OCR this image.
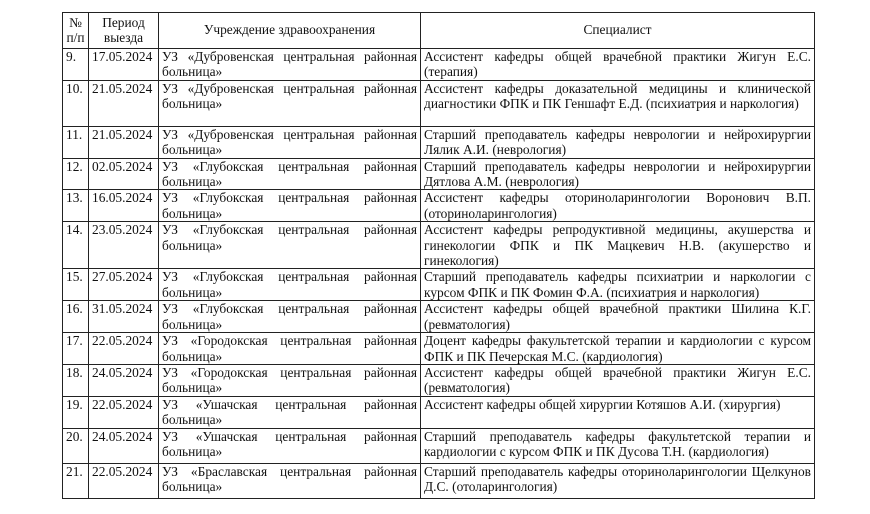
№ п/п	Период выезда	Учреждение здравоохранения	Специалист
9.	17.05.2024	УЗ «Дубровенская центральная районная больница»	Ассистент кафедры общей врачебной практики Жигун Е.С. (терапия)
10.	21.05.2024	УЗ «Дубровенская центральная районная больница»	Ассистент кафедры доказательной медицины и клинической диагностики ФПК и ПК Геншафт Е.Д. (психиатрия и наркология)
11.	21.05.2024	УЗ «Дубровенская центральная районная больница»	Старший преподаватель кафедры неврологии и нейрохирургии Лялик А.И. (неврология)
12.	02.05.2024	УЗ «Глубокская центральная районная больница»	Старший преподаватель кафедры неврологии и нейрохирургии Дятлова А.М. (неврология)
13.	16.05.2024	УЗ «Глубокская центральная районная больница»	Ассистент кафедры оториноларингологии Воронович В.П. (оториноларингология)
14.	23.05.2024	УЗ «Глубокская центральная районная больница»	Ассистент кафедры репродуктивной медицины, акушерства и гинекологии ФПК и ПК Мацкевич Н.В. (акушерство и гинекология)
15.	27.05.2024	УЗ «Глубокская центральная районная больница»	Старший преподаватель кафедры психиатрии и наркологии с курсом ФПК и ПК Фомин Ф.А. (психиатрия и наркология)
16.	31.05.2024	УЗ «Глубокская центральная районная больница»	Ассистент кафедры общей врачебной практики Шилина К.Г. (ревматология)
17.	22.05.2024	УЗ «Городокская центральная районная больница»	Доцент кафедры факультетской терапии и кардиологии с курсом ФПК и ПК Печерская М.С. (кардиология)
18.	24.05.2024	УЗ «Городокская центральная районная больница»	Ассистент кафедры общей врачебной практики Жигун Е.С. (ревматология)
19.	22.05.2024	УЗ «Ушачская центральная районная больница»	Ассистент кафедры общей хирургии Котяшов А.И. (хирургия)
20.	24.05.2024	УЗ «Ушачская центральная районная больница»	Старший преподаватель кафедры факультетской терапии и кардиологии с курсом ФПК и ПК Дусова Т.Н. (кардиология)
21.	22.05.2024	УЗ «Браславская центральная районная больница»	Старший преподаватель кафедры оториноларингологии Щелкунов Д.С. (отоларингология)
